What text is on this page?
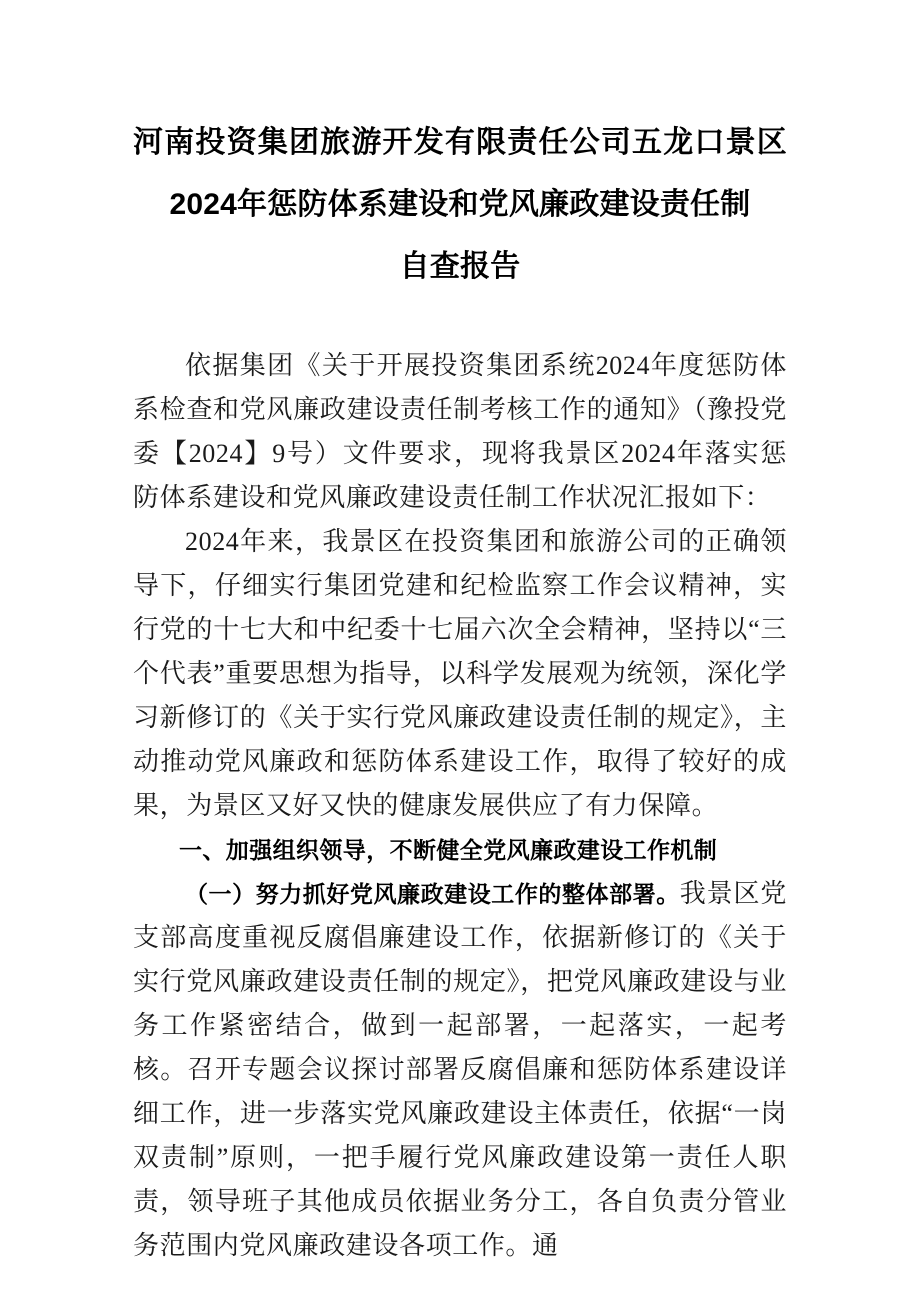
河南投资集团旅游开发有限责任公司五龙口景区
2024年惩防体系建设和党风廉政建设责任制
自查报告

依据集团《关于开展投资集团系统2024年度惩防体系检查和党风廉政建设责任制考核工作的通知》（豫投党委【2024】9号）文件要求，现将我景区2024年落实惩防体系建设和党风廉政建设责任制工作状况汇报如下：

2024年来，我景区在投资集团和旅游公司的正确领导下，仔细实行集团党建和纪检监察工作会议精神，实行党的十七大和中纪委十七届六次全会精神，坚持以“三个代表”重要思想为指导，以科学发展观为统领，深化学习新修订的《关于实行党风廉政建设责任制的规定》，主动推动党风廉政和惩防体系建设工作，取得了较好的成果，为景区又好又快的健康发展供应了有力保障。

一、加强组织领导，不断健全党风廉政建设工作机制

（一）努力抓好党风廉政建设工作的整体部署。我景区党支部高度重视反腐倡廉建设工作，依据新修订的《关于实行党风廉政建设责任制的规定》，把党风廉政建设与业务工作紧密结合，做到一起部署，一起落实，一起考核。召开专题会议探讨部署反腐倡廉和惩防体系建设详细工作，进一步落实党风廉政建设主体责任，依据“一岗双责制”原则，一把手履行党风廉政建设第一责任人职责，领导班子其他成员依据业务分工，各自负责分管业务范围内党风廉政建设各项工作。通
